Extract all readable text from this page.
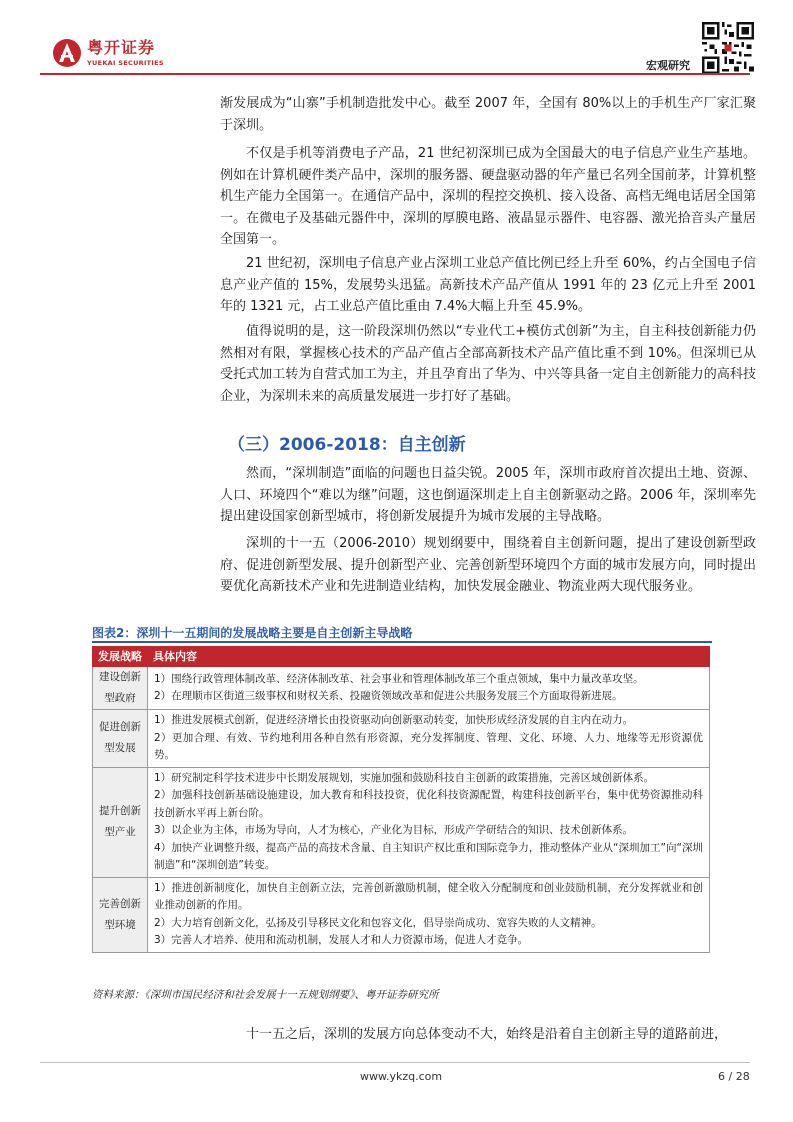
粤开证券
YUEKAI SECURITIES	宏观研究
渐发展成为“山寨”手机制造批发中心。截至 2007 年，全国有 80%以上的手机生产厂家汇聚于深圳。
不仅是手机等消费电子产品，21 世纪初深圳已成为全国最大的电子信息产业生产基地。例如在计算机硬件类产品中，深圳的服务器、硬盘驱动器的年产量已名列全国前茅，计算机整机生产能力全国第一。在通信产品中，深圳的程控交换机、接入设备、高档无绳电话居全国第一。在微电子及基础元器件中，深圳的厚膜电路、液晶显示器件、电容器、激光拾音头产量居全国第一。
21 世纪初，深圳电子信息产业占深圳工业总产值比例已经上升至 60%，约占全国电子信息产业产值的 15%，发展势头迅猛。高新技术产品产值从 1991 年的 23 亿元上升至 2001 年的 1321 元，占工业总产值比重由 7.4%大幅上升至 45.9%。
值得说明的是，这一阶段深圳仍然以“专业代工+模仿式创新”为主，自主科技创新能力仍然相对有限，掌握核心技术的产品产值占全部高新技术产品产值比重不到 10%。但深圳已从受托式加工转为自营式加工为主，并且孕育出了华为、中兴等具备一定自主创新能力的高科技企业，为深圳未来的高质量发展进一步打好了基础。
（三）2006-2018：自主创新
然而，“深圳制造”面临的问题也日益尖锐。2005 年，深圳市政府首次提出土地、资源、人口、环境四个“难以为继”问题，这也倒逼深圳走上自主创新驱动之路。2006 年，深圳率先提出建设国家创新型城市，将创新发展提升为城市发展的主导战略。
深圳的十一五（2006-2010）规划纲要中，围绕着自主创新问题，提出了建设创新型政府、促进创新型发展、提升创新型产业、完善创新型环境四个方面的城市发展方向，同时提出要优化高新技术产业和先进制造业结构，加快发展金融业、物流业两大现代服务业。
图表2：深圳十一五期间的发展战略主要是自主创新主导战略
发展战略	具体内容
建设创新型政府	1）围绕行政管理体制改革、经济体制改革、社会事业和管理体制改革三个重点领域，集中力量改革攻坚。
2）在理顺市区街道三级事权和财权关系、投融资领域改革和促进公共服务发展三个方面取得新进展。

促进创新型发展	1）推进发展模式创新，促进经济增长由投资驱动向创新驱动转变，加快形成经济发展的自主内在动力。
2）更加合理、有效、节约地利用各种自然有形资源，充分发挥制度、管理、文化、环境、人力、地缘等无形资源优势。

提升创新型产业	1）研究制定科学技术进步中长期发展规划，实施加强和鼓励科技自主创新的政策措施，完善区域创新体系。
2）加强科技创新基础设施建设，加大教育和科技投资，优化科技资源配置，构建科技创新平台，集中优势资源推动科技创新水平再上新台阶。
3）以企业为主体，市场为导向，人才为核心，产业化为目标，形成产学研结合的知识、技术创新体系。
4）加快产业调整升级，提高产品的高技术含量、自主知识产权比重和国际竞争力，推动整体产业从“深圳加工”向“深圳制造”和“深圳创造”转变。

完善创新型环境	1）推进创新制度化，加快自主创新立法，完善创新激励机制，健全收入分配制度和创业鼓励机制，充分发挥就业和创业推动创新的作用。
2）大力培育创新文化，弘扬及引导移民文化和包容文化，倡导崇尚成功、宽容失败的人文精神。
3）完善人才培养、使用和流动机制，发展人才和人力资源市场，促进人才竞争。
资料来源：《深圳市国民经济和社会发展十一五规划纲要》、粤开证券研究所
十一五之后，深圳的发展方向总体变动不大，始终是沿着自主创新主导的道路前进，
www.ykzq.com	6 / 28
